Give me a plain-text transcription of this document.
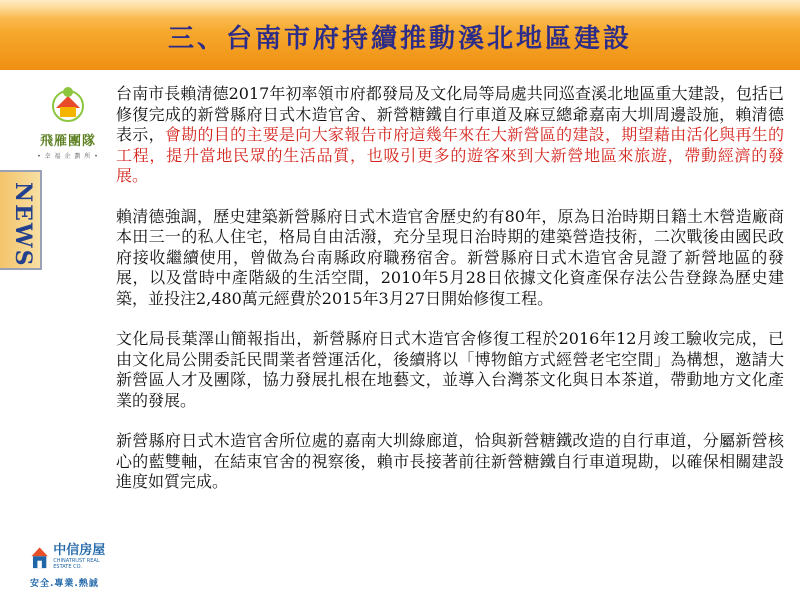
三、台南市府持續推動溪北地區建設
飛雁團隊
• 幸 福 企 劃 所 •
NEWS
中信房屋
CHINATRUST REAL ESTATE CO.
安全.專業.熱誠

台南市長賴清德2017年初率領市府都發局及文化局等局處共同巡查溪北地區重大建設，包括已修復完成的新營縣府日式木造官舍、新營糖鐵自行車道及麻豆總爺嘉南大圳周邊設施，賴清德表示，會勘的目的主要是向大家報告市府這幾年來在大新營區的建設，期望藉由活化與再生的工程，提升當地民眾的生活品質，也吸引更多的遊客來到大新營地區來旅遊，帶動經濟的發展。

賴清德強調，歷史建築新營縣府日式木造官舍歷史約有80年，原為日治時期日籍土木營造廠商本田三一的私人住宅，格局自由活潑，充分呈現日治時期的建築營造技術，二次戰後由國民政府接收繼續使用，曾做為台南縣政府職務宿舍。新營縣府日式木造官舍見證了新營地區的發展，以及當時中產階級的生活空間，2010年5月28日依據文化資產保存法公告登錄為歷史建築，並投注2,480萬元經費於2015年3月27日開始修復工程。

文化局長葉澤山簡報指出，新營縣府日式木造官舍修復工程於2016年12月竣工驗收完成，已由文化局公開委託民間業者營運活化，後續將以「博物館方式經營老宅空間」為構想，邀請大新營區人才及團隊，協力發展扎根在地藝文，並導入台灣茶文化與日本茶道，帶動地方文化產業的發展。

新營縣府日式木造官舍所位處的嘉南大圳綠廊道，恰與新營糖鐵改造的自行車道，分屬新營核心的藍雙軸，在結束官舍的視察後，賴市長接著前往新營糖鐵自行車道現勘，以確保相關建設進度如質完成。
